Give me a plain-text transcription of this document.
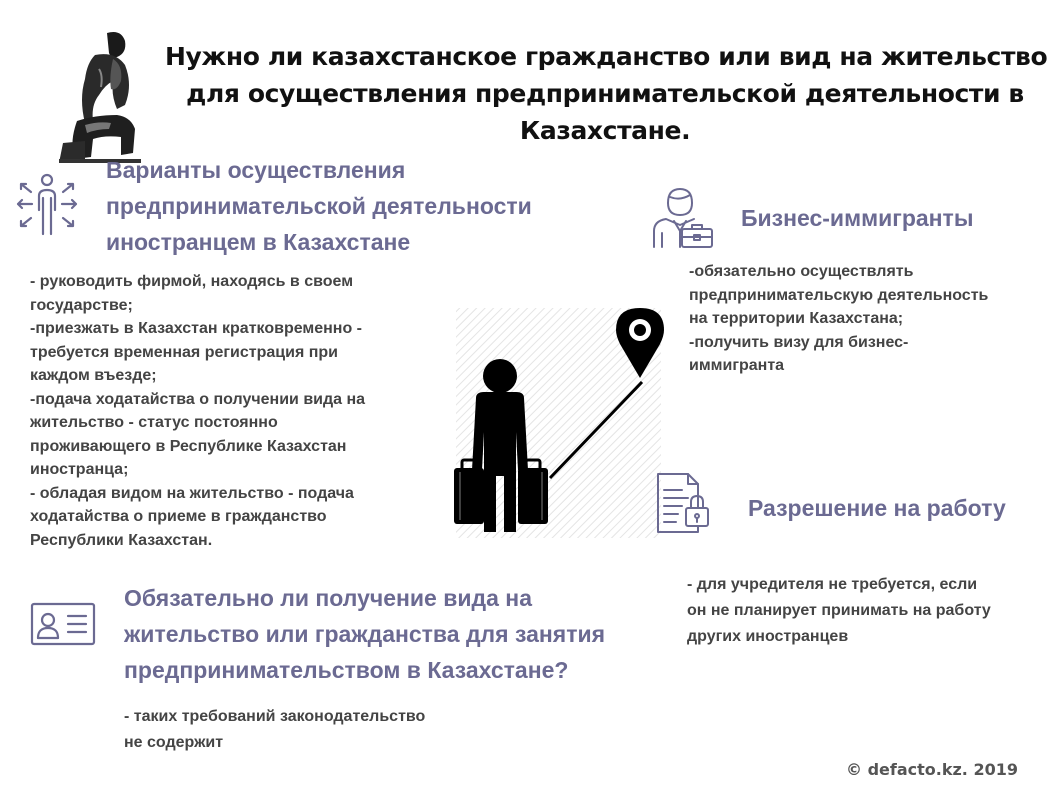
Нужно ли казахстанское гражданство или вид на жительство
для осуществления предпринимательской деятельности в
Казахстане.
Варианты осуществления
предпринимательской деятельности
иностранцем в Казахстане
- руководить фирмой, находясь в своем
государстве;
-приезжать в Казахстан кратковременно -
требуется временная регистрация при
каждом въезде;
-подача ходатайства о получении вида на
жительство - статус постоянно
проживающего в Республике Казахстан
иностранца;
- обладая видом на жительство - подача
ходатайства о приеме в гражданство
Республики Казахстан.
Бизнес-иммигранты
-обязательно осуществлять
предпринимательскую деятельность
на территории Казахстана;
-получить визу для бизнес-
иммигранта
Разрешение на работу
- для учредителя не требуется, если
он не планирует принимать на работу
других иностранцев
Обязательно ли получение вида на
жительство или гражданства для занятия
предпринимательством в Казахстане?
- таких требований законодательство
не содержит
© defacto.kz. 2019
